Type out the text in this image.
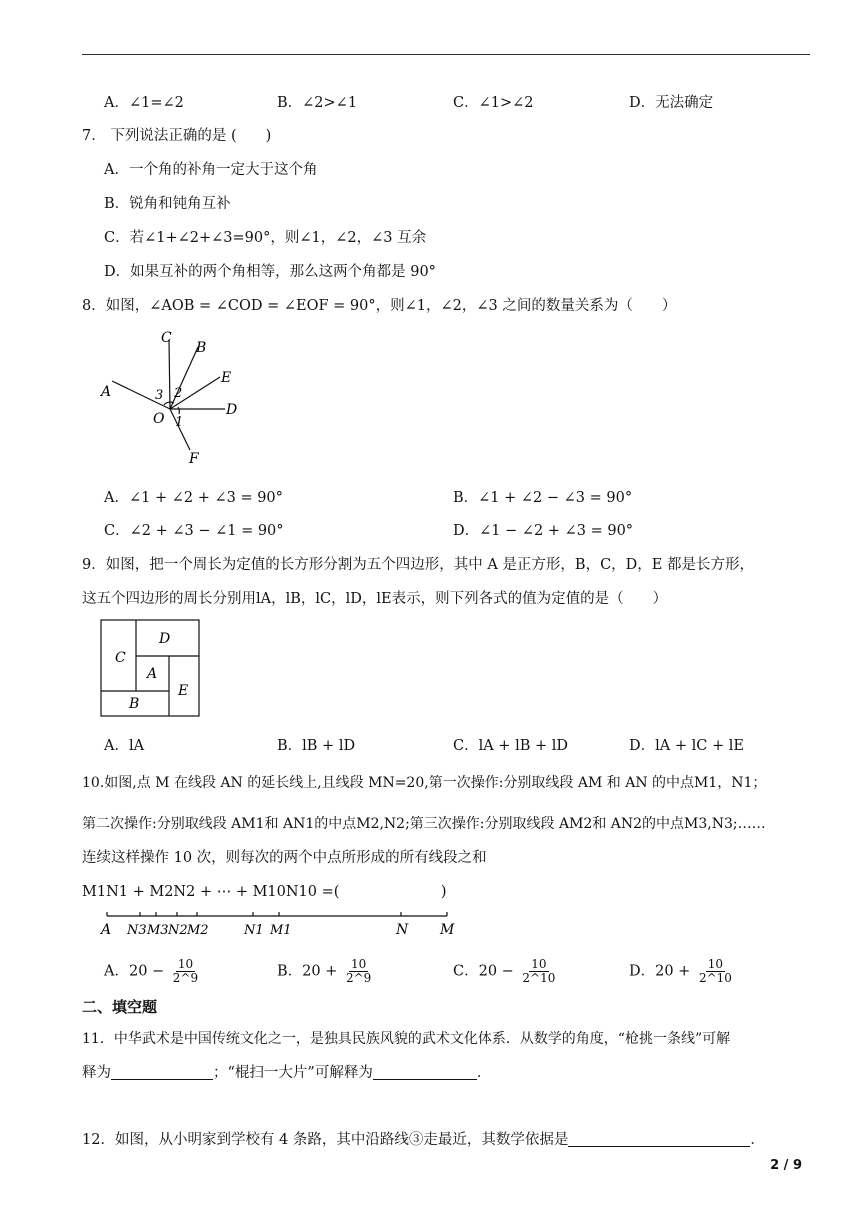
A．∠1=∠2	B．∠2>∠1	C．∠1>∠2	D．无法确定
7． 下列说法正确的是 (　　)
A．一个角的补角一定大于这个角
B．锐角和钝角互补
C．若∠1+∠2+∠3=90°，则∠1，∠2，∠3 互余
D．如果互补的两个角相等，那么这两个角都是 90°
8．如图，∠AOB = ∠COD = ∠EOF = 90°，则∠1，∠2，∠3 之间的数量关系为（　　）
C
B
E
A	3 2
D
O 1
F
A．∠1 + ∠2 + ∠3 = 90°	B．∠1 + ∠2 − ∠3 = 90°
C．∠2 + ∠3 − ∠1 = 90°	D．∠1 − ∠2 + ∠3 = 90°
9．如图，把一个周长为定值的长方形分割为五个四边形，其中 A 是正方形，B，C，D，E 都是长方形，
这五个四边形的周长分别用lA，lB，lC，lD，lE表示，则下列各式的值为定值的是（　　）
D
C
A
E
B
A．lA	B．lB + lD	C．lA + lB + lD	D．lA + lC + lE
10.如图,点 M 在线段 AN 的延长线上,且线段 MN=20,第一次操作:分别取线段 AM 和 AN 的中点M1，N1；
第二次操作:分别取线段 AM1和 AN1的中点M2,N2;第三次操作:分别取线段 AM2和 AN2的中点M3,N3;……
连续这样操作 10 次，则每次的两个中点所形成的所有线段之和
M1N1 + M2N2 + ⋯ + M10N10 =(　　　　　　　)
A N3 M3 N2 M2	N1 M1	N M
A．$20 - \frac{10}{2\^{}9}$	B．$20 + \frac{10}{2\^{}9}$	C．$20 - \frac{10}{2\^{}10}$	D．$20 + \frac{10}{2\^{}10}$
二、填空题
11．中华武术是中国传统文化之一，是独具民族风貌的武术文化体系．从数学的角度，“枪挑一条线”可解
释为	；“棍扫一大片”可解释为	．
12．如图，从小明家到学校有 4 条路，其中沿路线③走最近，其数学依据是	．
2 / 9
